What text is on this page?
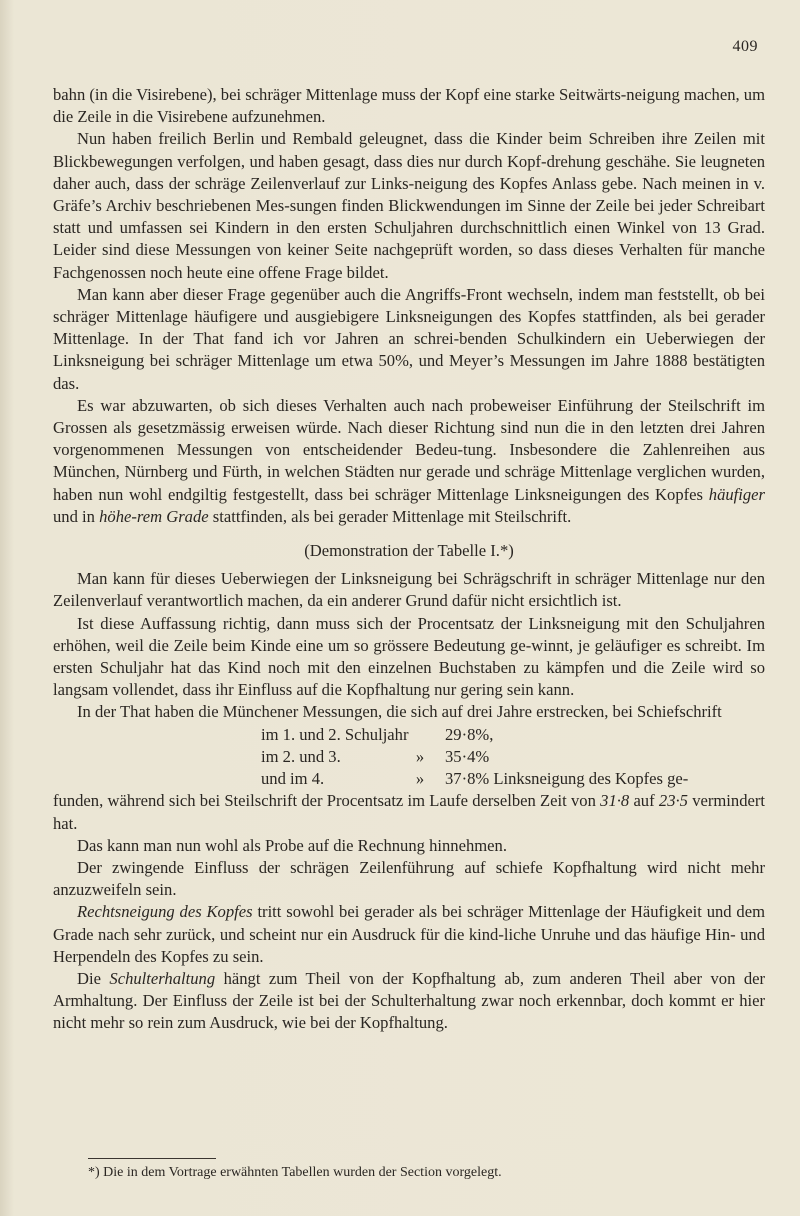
409

bahn (in die Visirebene), bei schräger Mittenlage muss der Kopf eine starke Seitwärts-neigung machen, um die Zeile in die Visirebene aufzunehmen.

Nun haben freilich Berlin und Rembald geleugnet, dass die Kinder beim Schreiben ihre Zeilen mit Blickbewegungen verfolgen, und haben gesagt, dass dies nur durch Kopf-drehung geschähe. Sie leugneten daher auch, dass der schräge Zeilenverlauf zur Links-neigung des Kopfes Anlass gebe. Nach meinen in v. Gräfe’s Archiv beschriebenen Mes-sungen finden Blickwendungen im Sinne der Zeile bei jeder Schreibart statt und umfassen sei Kindern in den ersten Schuljahren durchschnittlich einen Winkel von 13 Grad. Leider sind diese Messungen von keiner Seite nachgeprüft worden, so dass dieses Verhalten für manche Fachgenossen noch heute eine offene Frage bildet.

Man kann aber dieser Frage gegenüber auch die Angriffs-Front wechseln, indem man feststellt, ob bei schräger Mittenlage häufigere und ausgiebigere Linksneigungen des Kopfes stattfinden, als bei gerader Mittenlage. In der That fand ich vor Jahren an schrei-benden Schulkindern ein Ueberwiegen der Linksneigung bei schräger Mittenlage um etwa 50%, und Meyer’s Messungen im Jahre 1888 bestätigten das.

Es war abzuwarten, ob sich dieses Verhalten auch nach probeweiser Einführung der Steilschrift im Grossen als gesetzmässig erweisen würde. Nach dieser Richtung sind nun die in den letzten drei Jahren vorgenommenen Messungen von entscheidender Bedeu-tung. Insbesondere die Zahlenreihen aus München, Nürnberg und Fürth, in welchen Städten nur gerade und schräge Mittenlage verglichen wurden, haben nun wohl endgiltig festgestellt, dass bei schräger Mittenlage Linksneigungen des Kopfes häufiger und in höhe-rem Grade stattfinden, als bei gerader Mittenlage mit Steilschrift.

(Demonstration der Tabelle I.*)

Man kann für dieses Ueberwiegen der Linksneigung bei Schrägschrift in schräger Mittenlage nur den Zeilenverlauf verantwortlich machen, da ein anderer Grund dafür nicht ersichtlich ist.

Ist diese Auffassung richtig, dann muss sich der Procentsatz der Linksneigung mit den Schuljahren erhöhen, weil die Zeile beim Kinde eine um so grössere Bedeutung ge-winnt, je geläufiger es schreibt. Im ersten Schuljahr hat das Kind noch mit den einzelnen Buchstaben zu kämpfen und die Zeile wird so langsam vollendet, dass ihr Einfluss auf die Kopfhaltung nur gering sein kann.

In der That haben die Münchener Messungen, die sich auf drei Jahre erstrecken, bei Schiefschrift

im 1. und 2. Schuljahr 29·8%,

im 2. und 3.	» 35·4%

und im 4.	» 37·8% Linksneigung des Kopfes ge-

funden, während sich bei Steilschrift der Procentsatz im Laufe derselben Zeit von 31·8 auf 23·5 vermindert hat.

Das kann man nun wohl als Probe auf die Rechnung hinnehmen.

Der zwingende Einfluss der schrägen Zeilenführung auf schiefe Kopfhaltung wird nicht mehr anzuzweifeln sein.

Rechtsneigung des Kopfes tritt sowohl bei gerader als bei schräger Mittenlage der Häufigkeit und dem Grade nach sehr zurück, und scheint nur ein Ausdruck für die kind-liche Unruhe und das häufige Hin- und Herpendeln des Kopfes zu sein.

Die Schulterhaltung hängt zum Theil von der Kopfhaltung ab, zum anderen Theil aber von der Armhaltung. Der Einfluss der Zeile ist bei der Schulterhaltung zwar noch erkennbar, doch kommt er hier nicht mehr so rein zum Ausdruck, wie bei der Kopfhaltung.

*) Die in dem Vortrage erwähnten Tabellen wurden der Section vorgelegt.
